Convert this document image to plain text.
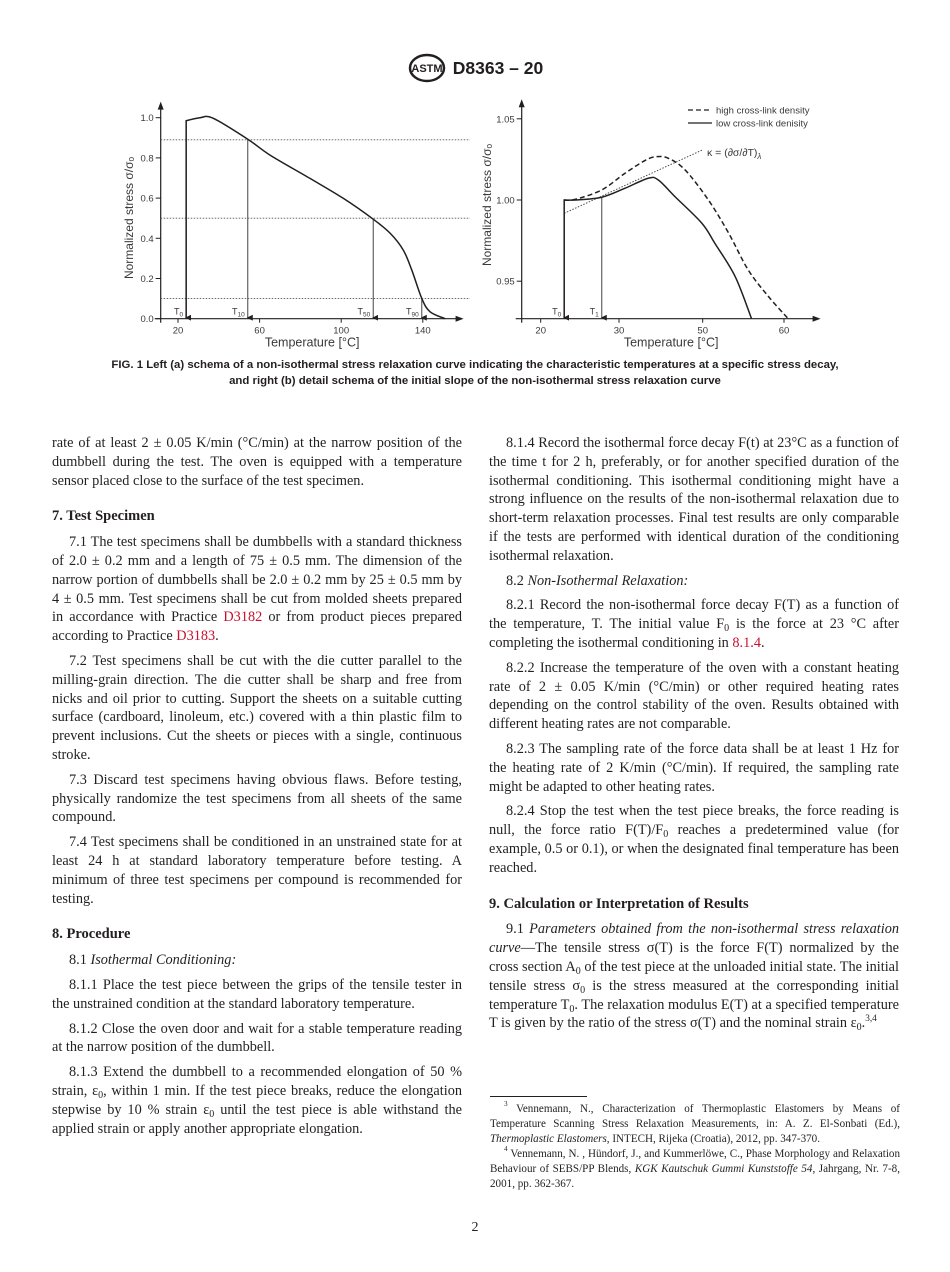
ASTM D8363 – 20
0.0
0.2
0.4
0.6
0.8
1.0
20	60	100	140
Temperature [°C]
Normalized stress σ/σₒ
$T_0$	$T_{10}$	$T_{50}$	$T_{90}$
0.95
1.00
1.05
20	30	50	60
Temperature [°C]
Normalized stress σ/σₒ	$\kappa = (\partial\sigma/\partial T)_\lambda$
$T_0$	$T_1$
high cross-link density
low cross-link denisity
FIG. 1 Left (a) schema of a non-isothermal stress relaxation curve indicating the characteristic temperatures at a specific stress decay,
and right (b) detail schema of the initial slope of the non-isothermal stress relaxation curve

rate of at least 2 ± 0.05 K/min (°C/min) at the narrow position of the dumbbell during the test. The oven is equipped with a temperature sensor placed close to the surface of the test specimen.

7. Test Specimen

7.1 The test specimens shall be dumbbells with a standard thickness of 2.0 ± 0.2 mm and a length of 75 ± 0.5 mm. The dimension of the narrow portion of dumbbells shall be 2.0 ± 0.2 mm by 25 ± 0.5 mm by 4 ± 0.5 mm. Test specimens shall be cut from molded sheets prepared in accordance with Practice D3182 or from product pieces prepared according to Practice D3183.

7.2 Test specimens shall be cut with the die cutter parallel to the milling-grain direction. The die cutter shall be sharp and free from nicks and oil prior to cutting. Support the sheets on a suitable cutting surface (cardboard, linoleum, etc.) covered with a thin plastic film to prevent inclusions. Cut the sheets or pieces with a single, continuous stroke.

7.3 Discard test specimens having obvious flaws. Before testing, physically randomize the test specimens from all sheets of the same compound.

7.4 Test specimens shall be conditioned in an unstrained state for at least 24 h at standard laboratory temperature before testing. A minimum of three test specimens per compound is recommended for testing.

8. Procedure

8.1 Isothermal Conditioning:

8.1.1 Place the test piece between the grips of the tensile tester in the unstrained condition at the standard laboratory temperature.

8.1.2 Close the oven door and wait for a stable temperature reading at the narrow position of the dumbbell.

8.1.3 Extend the dumbbell to a recommended elongation of 50 % strain, $\varepsilon_0$, within 1 min. If the test piece breaks, reduce the elongation stepwise by 10 % strain $\varepsilon_0$ until the test piece is able withstand the applied strain or apply another appropriate elongation.

8.1.4 Record the isothermal force decay F(t) at 23°C as a function of the time t for 2 h, preferably, or for another specified duration of the isothermal conditioning. This isothermal conditioning might have a strong influence on the results of the non-isothermal relaxation due to short-term relaxation processes. Final test results are only comparable if the tests are performed with identical duration of the conditioning isothermal relaxation.

8.2 Non-Isothermal Relaxation:

8.2.1 Record the non-isothermal force decay F(T) as a function of the temperature, T. The initial value $F_0$ is the force at 23 °C after completing the isothermal conditioning in 8.1.4.

8.2.2 Increase the temperature of the oven with a constant heating rate of 2 ± 0.05 K/min (°C/min) or other required heating rates depending on the control stability of the oven. Results obtained with different heating rates are not comparable.

8.2.3 The sampling rate of the force data shall be at least 1 Hz for the heating rate of 2 K/min (°C/min). If required, the sampling rate might be adapted to other heating rates.

8.2.4 Stop the test when the test piece breaks, the force reading is null, the force ratio $F(T)/F_0$ reaches a predetermined value (for example, 0.5 or 0.1), or when the designated final temperature has been reached.

9. Calculation or Interpretation of Results

9.1 Parameters obtained from the non-isothermal stress relaxation curve—The tensile stress σ(T) is the force F(T) normalized by the cross section $A_0$ of the test piece at the unloaded initial state. The initial tensile stress $\sigma_0$ is the stress measured at the corresponding initial temperature $T_0$. The relaxation modulus E(T) at a specified temperature T is given by the ratio of the stress σ(T) and the nominal strain $\varepsilon_0.^{3,4}$

$^3$ Vennemann, N., Characterization of Thermoplastic Elastomers by Means of Temperature Scanning Stress Relaxation Measurements, in: A. Z. El-Sonbati (Ed.), Thermoplastic Elastomers, INTECH, Rijeka (Croatia), 2012, pp. 347-370.

$^4$ Vennemann, N. , Hündorf, J., and Kummerlöwe, C., Phase Morphology and Relaxation Behaviour of SEBS/PP Blends, KGK Kautschuk Gummi Kunststoffe 54, Jahrgang, Nr. 7-8, 2001, pp. 362-367.

2
